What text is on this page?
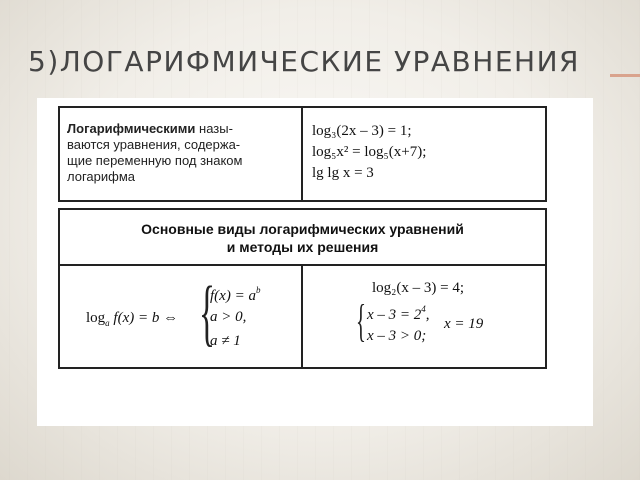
5)ЛОГАРИФМИЧЕСКИЕ УРАВНЕНИЯ
Логарифмическими назы-
ваются уравнения, содержа-
щие переменную под знаком
логарифма
log₃(2x – 3) = 1;
log₅x² = log₅(x+7);
lg lg x = 3
Основные виды логарифмических уравнений
и методы их решения
$\log_a f(x) = b$ ⇔ {
$f(x) = a^b$
a > 0,
a ≠ 1
log₂(x – 3) = 4;
{ $x - 3 = 2^4$,
x – 3 > 0;
x = 19
